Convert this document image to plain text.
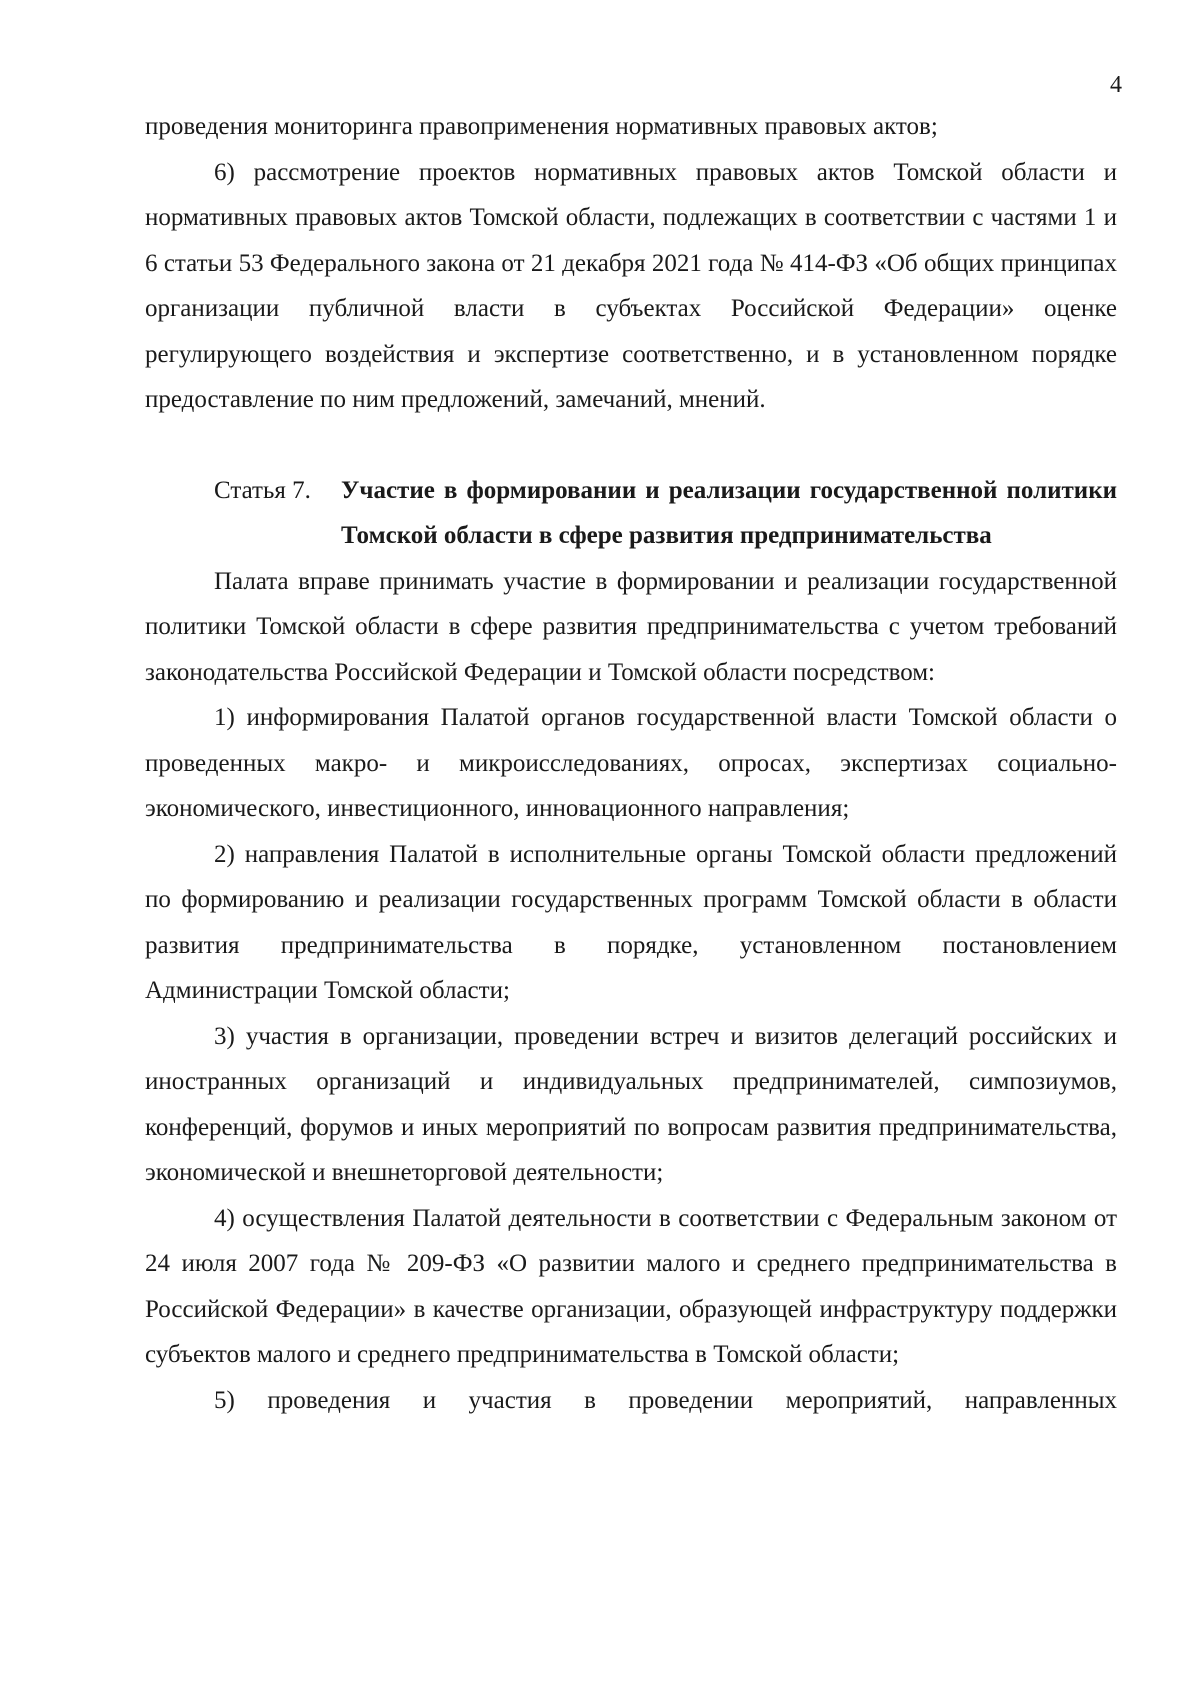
4

проведения мониторинга правоприменения нормативных правовых актов;

6) рассмотрение проектов нормативных правовых актов Томской области и нормативных правовых актов Томской области, подлежащих в соответствии с частями 1 и 6 статьи 53 Федерального закона от 21 декабря 2021 года № 414-ФЗ «Об общих принципах организации публичной власти в субъектах Российской Федерации» оценке регулирующего воздействия и экспертизе соответственно, и в установленном порядке предоставление по ним предложений, замечаний, мнений.

Статья 7.	Участие в формировании и реализации государственной политики Томской области в сфере развития предпринимательства

Палата вправе принимать участие в формировании и реализации государственной политики Томской области в сфере развития предпринимательства с учетом требований законодательства Российской Федерации и Томской области посредством:

1) информирования Палатой органов государственной власти Томской области о проведенных макро- и микроисследованиях, опросах, экспертизах социально-экономического, инвестиционного, инновационного направления;

2) направления Палатой в исполнительные органы Томской области предложений по формированию и реализации государственных программ Томской области в области развития предпринимательства в порядке, установленном постановлением Администрации Томской области;

3) участия в организации, проведении встреч и визитов делегаций российских и иностранных организаций и индивидуальных предпринимателей, симпозиумов, конференций, форумов и иных мероприятий по вопросам развития предпринимательства, экономической и внешнеторговой деятельности;

4) осуществления Палатой деятельности в соответствии с Федеральным законом от 24 июля 2007 года № 209-ФЗ «О развитии малого и среднего предпринимательства в Российской Федерации» в качестве организации, образующей инфраструктуру поддержки субъектов малого и среднего предпринимательства в Томской области;

5) проведения и участия в проведении мероприятий, направленных
